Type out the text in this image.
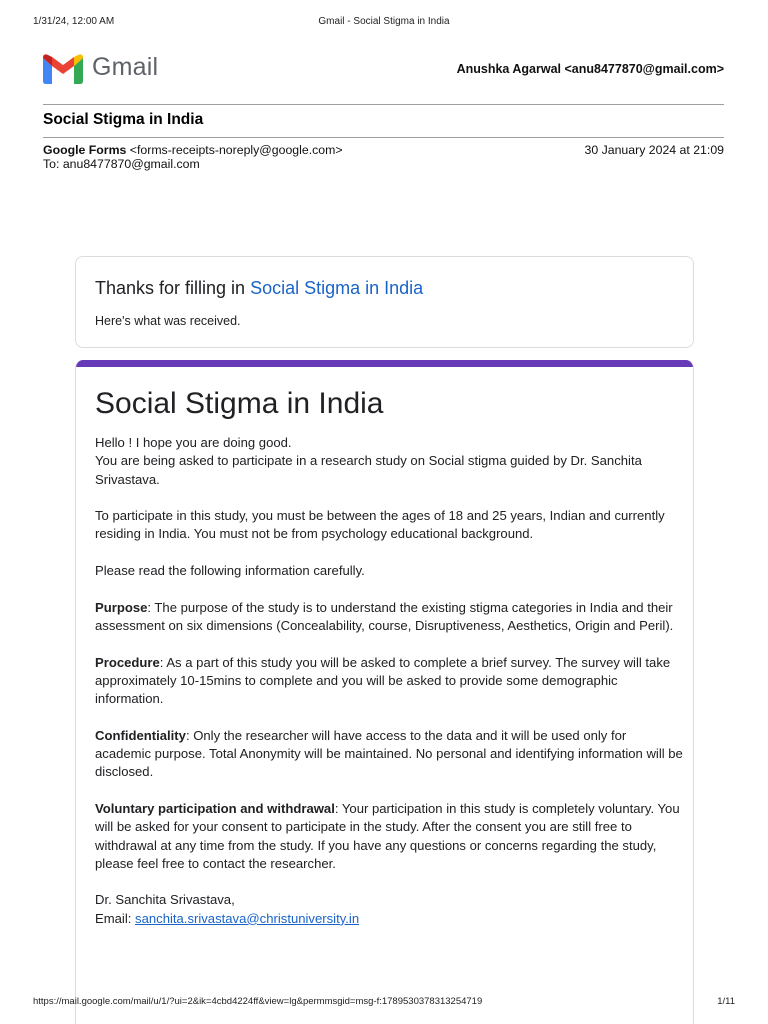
1/31/24, 12:00 AM	Gmail - Social Stigma in India
Gmail	Anushka Agarwal <anu8477870@gmail.com>
Social Stigma in India
Google Forms <forms-receipts-noreply@google.com>	30 January 2024 at 21:09
To: anu8477870@gmail.com
Thanks for filling in Social Stigma in India
Here's what was received.
Social Stigma in India

Hello ! I hope you are doing good.
You are being asked to participate in a research study on Social stigma guided by Dr. Sanchita Srivastava.

To participate in this study, you must be between the ages of 18 and 25 years, Indian and currently residing in India. You must not be from psychology educational background.

Please read the following information carefully.

Purpose: The purpose of the study is to understand the existing stigma categories in India and their assessment on six dimensions (Concealability, course, Disruptiveness, Aesthetics, Origin and Peril).

Procedure: As a part of this study you will be asked to complete a brief survey. The survey will take approximately 10-15mins to complete and you will be asked to provide some demographic information.

Confidentiality: Only the researcher will have access to the data and it will be used only for academic purpose. Total Anonymity will be maintained. No personal and identifying information will be disclosed.

Voluntary participation and withdrawal: Your participation in this study is completely voluntary. You will be asked for your consent to participate in the study. After the consent you are still free to withdrawal at any time from the study. If you have any questions or concerns regarding the study, please feel free to contact the researcher.

Dr. Sanchita Srivastava,
Email: sanchita.srivastava@christuniversity.in

https://mail.google.com/mail/u/1/?ui=2&ik=4cbd4224ff&view=lg&permmsgid=msg-f:1789530378313254719	1/11
